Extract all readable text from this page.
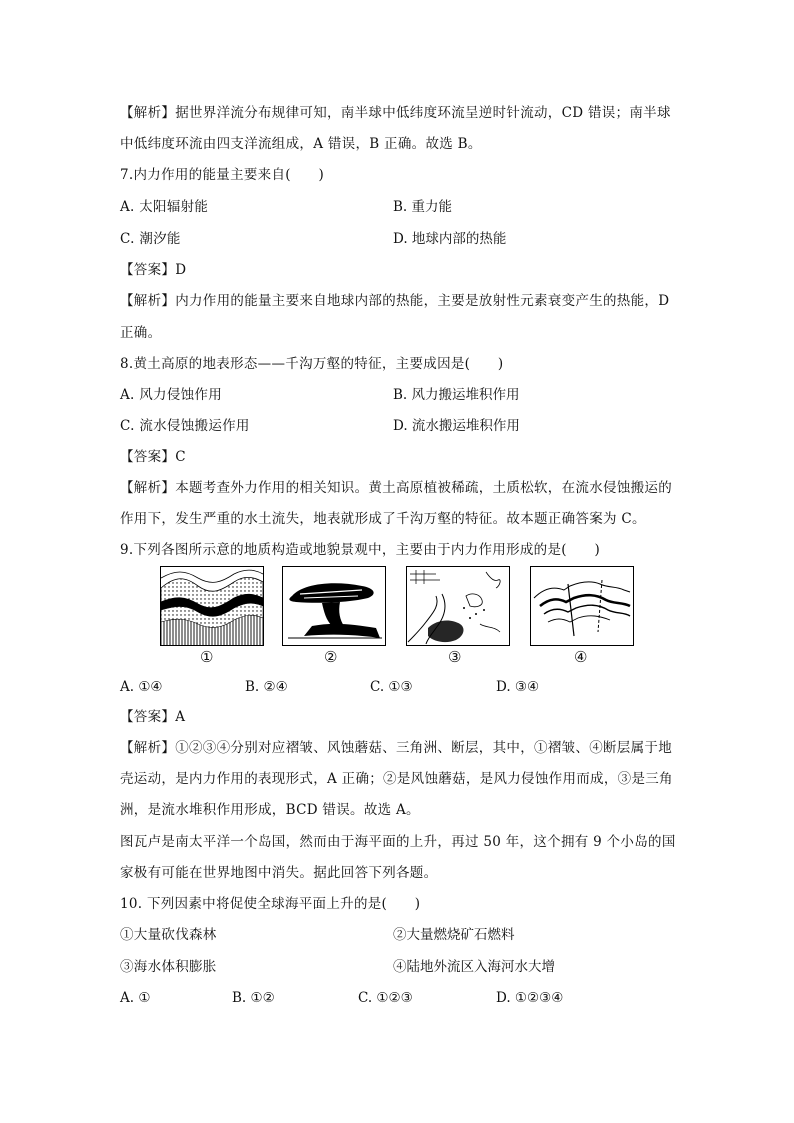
【解析】据世界洋流分布规律可知，南半球中低纬度环流呈逆时针流动，CD 错误；南半球
中低纬度环流由四支洋流组成，A 错误，B 正确。故选 B。
7.内力作用的能量主要来自(　　)
A. 太阳辐射能	B. 重力能
C. 潮汐能	D. 地球内部的热能
【答案】D
【解析】内力作用的能量主要来自地球内部的热能，主要是放射性元素衰变产生的热能，D
正确。
8.黄土高原的地表形态——千沟万壑的特征，主要成因是(　　)
A. 风力侵蚀作用	B. 风力搬运堆积作用
C. 流水侵蚀搬运作用	D. 流水搬运堆积作用
【答案】C
【解析】本题考查外力作用的相关知识。黄土高原植被稀疏，土质松软，在流水侵蚀搬运的
作用下，发生严重的水土流失，地表就形成了千沟万壑的特征。故本题正确答案为 C。
9.下列各图所示意的地质构造或地貌景观中，主要由于内力作用形成的是(　　)
①	②	③	④
A. ①④	B. ②④	C. ①③	D. ③④
【答案】A
【解析】①②③④分别对应褶皱、风蚀蘑菇、三角洲、断层，其中，①褶皱、④断层属于地
壳运动，是内力作用的表现形式，A 正确；②是风蚀蘑菇，是风力侵蚀作用而成，③是三角
洲，是流水堆积作用形成，BCD 错误。故选 A。
图瓦卢是南太平洋一个岛国，然而由于海平面的上升，再过 50 年，这个拥有 9 个小岛的国
家极有可能在世界地图中消失。据此回答下列各题。
10. 下列因素中将促使全球海平面上升的是(　　)
①大量砍伐森林	②大量燃烧矿石燃料
③海水体积膨胀	④陆地外流区入海河水大增
A. ①	B. ①②	C. ①②③	D. ①②③④
